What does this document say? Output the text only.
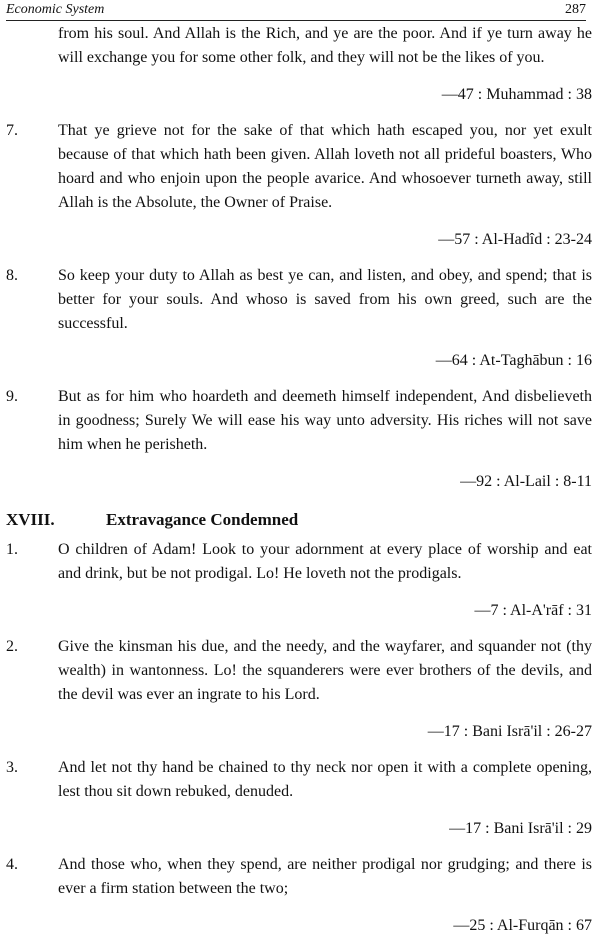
Economic System	287
from his soul. And Allah is the Rich, and ye are the poor. And if ye turn away he will exchange you for some other folk, and they will not be the likes of you.
—47 : Muhammad : 38
7.	That ye grieve not for the sake of that which hath escaped you, nor yet exult because of that which hath been given. Allah loveth not all prideful boasters, Who hoard and who enjoin upon the people avarice. And whosoever turneth away, still Allah is the Absolute, the Owner of Praise.
—57 : Al-Hadîd : 23-24
8.	So keep your duty to Allah as best ye can, and listen, and obey, and spend; that is better for your souls. And whoso is saved from his own greed, such are the successful.
—64 : At-Taghābun : 16
9.	But as for him who hoardeth and deemeth himself independent, And disbelieveth in goodness; Surely We will ease his way unto adversity. His riches will not save him when he perisheth.
—92 : Al-Lail : 8-11
XVIII.	Extravagance Condemned
1.	O children of Adam! Look to your adornment at every place of worship and eat and drink, but be not prodigal. Lo! He loveth not the prodigals.
—7 : Al-A'rāf : 31
2.	Give the kinsman his due, and the needy, and the wayfarer, and squander not (thy wealth) in wantonness. Lo! the squanderers were ever brothers of the devils, and the devil was ever an ingrate to his Lord.
—17 : Bani Isrā'il : 26-27
3.	And let not thy hand be chained to thy neck nor open it with a complete opening, lest thou sit down rebuked, denuded.
—17 : Bani Isrā'il : 29
4.	And those who, when they spend, are neither prodigal nor grudging; and there is ever a firm station between the two;
—25 : Al-Furqān : 67
